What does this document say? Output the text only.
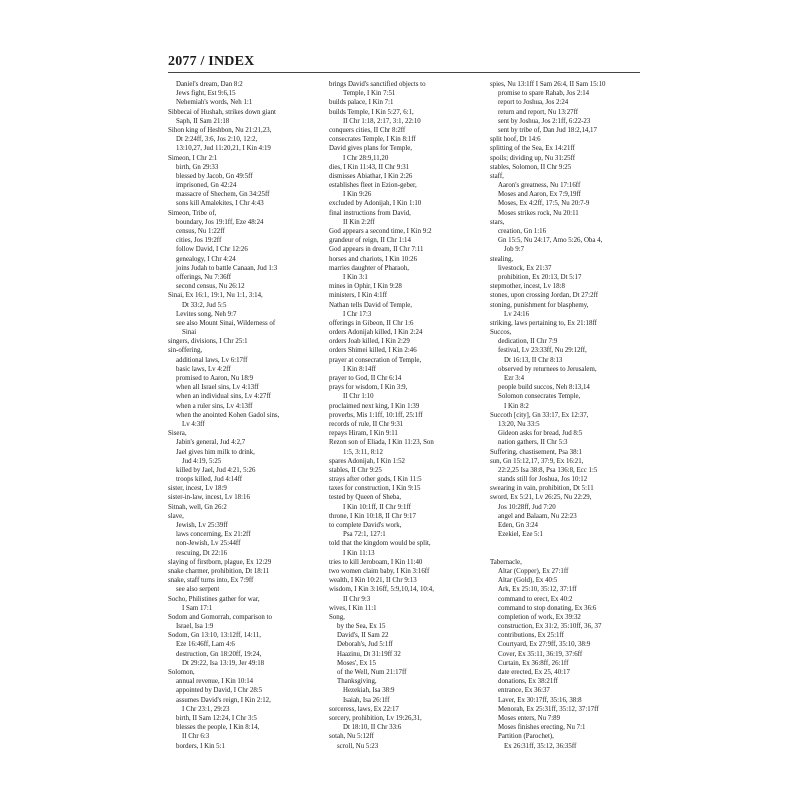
2077 / INDEX
Daniel's dream, Dan 8:2
Jews fight, Est 9:6,15
Nehemiah's words, Neh 1:1
Sibbecai of Hushah, strikes down giant
Saph, II Sam 21:18
Sihon king of Heshbon, Nu 21:21,23,
Dt 2:24ff, 3:6, Jos 2:10, 12:2,
13:10,27, Jud 11:20,21, I Kin 4:19
Simeon, I Chr 2:1
birth, Gn 29:33
blessed by Jacob, Gn 49:5ff
imprisoned, Gn 42:24
massacre of Shechem, Gn 34:25ff
sons kill Amalekites, I Chr 4:43
Simeon, Tribe of,
boundary, Jos 19:1ff, Eze 48:24
census, Nu 1:22ff
cities, Jos 19:2ff
follow David, I Chr 12:26
genealogy, I Chr 4:24
joins Judah to battle Canaan, Jud 1:3
offerings, Nu 7:36ff
second census, Nu 26:12
Sinai, Ex 16:1, 19:1, Nu 1:1, 3:14,
Dt 33:2, Jud 5:5
Levites song, Neh 9:7
see also Mount Sinai, Wilderness of
Sinai
singers, divisions, I Chr 25:1
sin-offering,
additional laws, Lv 6:17ff
basic laws, Lv 4:2ff
promised to Aaron, Nu 18:9
when all Israel sins, Lv 4:13ff
when an individual sins, Lv 4:27ff
when a ruler sins, Lv 4:13ff
when the anointed Kohen Gadol sins,
Lv 4:3ff
Sisera,
Jabin's general, Jud 4:2,7
Jael gives him milk to drink,
Jud 4:19, 5:25
killed by Jael, Jud 4:21, 5:26
troops killed, Jud 4:14ff
sister, incest, Lv 18:9
sister-in-law, incest, Lv 18:16
Sitnah, well, Gn 26:2
slave,
Jewish, Lv 25:39ff
laws concerning, Ex 21:2ff
non-Jewish, Lv 25:44ff
rescuing, Dt 22:16
slaying of firstborn, plague, Ex 12:29
snake charmer, prohibition, Dt 18:11
snake, staff turns into, Ex 7:9ff
see also serpent
Socho, Philistines gather for war,
I Sam 17:1
Sodom and Gomorrah, comparison to
Israel, Isa 1:9
Sodom, Gn 13:10, 13:12ff, 14:11,
Eze 16:46ff, Lam 4:6
destruction, Gn 18:20ff, 19:24,
Dt 29:22, Isa 13:19, Jer 49:18
Solomon,
annual revenue, I Kin 10:14
appointed by David, I Chr 28:5
assumes David's reign, I Kin 2:12,
I Chr 23:1, 29:23
birth, II Sam 12:24, I Chr 3:5
blesses the people, I Kin 8:14,
II Chr 6:3
borders, I Kin 5:1
brings David's sanctified objects to
Temple, I Kin 7:51
builds palace, I Kin 7:1
builds Temple, I Kin 5:27, 6:1,
II Chr 1:18, 2:17, 3:1, 22:10
conquers cities, II Chr 8:2ff
consecrates Temple, I Kin 8:1ff
David gives plans for Temple,
I Chr 28:9,11,20
dies, I Kin 11:43, II Chr 9:31
dismisses Abiathar, I Kin 2:26
establishes fleet in Ezion-geber,
I Kin 9:26
excluded by Adonijah, I Kin 1:10
final instructions from David,
II Kin 2:2ff
God appears a second time, I Kin 9:2
grandeur of reign, II Chr 1:14
God appears in dream, II Chr 7:11
horses and chariots, I Kin 10:26
marries daughter of Pharaoh,
I Kin 3:1
mines in Ophir, I Kin 9:28
ministers, I Kin 4:1ff
Nathan tells David of Temple,
I Chr 17:3
offerings in Gibeon, II Chr 1:6
orders Adonijah killed, I Kin 2:24
orders Joab killed, I Kin 2:29
orders Shimei killed, I Kin 2:46
prayer at consecration of Temple,
I Kin 8:14ff
prayer to God, II Chr 6:14
prays for wisdom, I Kin 3:9,
II Chr 1:10
proclaimed next king, I Kin 1:39
proverbs, Mis 1:1ff, 10:1ff, 25:1ff
records of rule, II Chr 9:31
repays Hiram, I Kin 9:11
Rezon son of Eliada, I Kin 11:23, Son
1:5, 3:11, 8:12
spares Adonijah, I Kin 1:52
stables, II Chr 9:25
strays after other gods, I Kin 11:5
taxes for construction, I Kin 9:15
tested by Queen of Sheba,
I Kin 10:1ff, II Chr 9:1ff
throne, I Kin 10:18, II Chr 9:17
to complete David's work,
Psa 72:1, 127:1
told that the kingdom would be split,
I Kin 11:13
tries to kill Jeroboam, I Kin 11:40
two women claim baby, I Kin 3:16ff
wealth, I Kin 10:21, II Chr 9:13
wisdom, I Kin 3:16ff, 5:9,10,14, 10:4,
II Chr 9:3
wives, I Kin 11:1
Song,
by the Sea, Ex 15
David's, II Sam 22
Deborah's, Jud 5:1ff
Haazinu, Dt 31:19ff 32
Moses', Ex 15
of the Well, Num 21:17ff
Thanksgiving,
Hezekiah, Isa 38:9
Isaiah, Isa 26:1ff
sorceress, laws, Ex 22:17
sorcery, prohibition, Lv 19:26,31,
Dt 18:10, II Chr 33:6
sotah, Nu 5:12ff
scroll, Nu 5:23
spies, Nu 13:1ff I Sam 26:4, II Sam 15:10
promise to spare Rahab, Jos 2:14
report to Joshua, Jos 2:24
return and report, Nu 13:27ff
sent by Joshua, Jos 2:1ff, 6:22-23
sent by tribe of, Dan Jud 18:2,14,17
split hoof, Dt 14:6
splitting of the Sea, Ex 14:21ff
spoils; dividing up, Nu 31:25ff
stables, Solomon, II Chr 9:25
staff,
Aaron's greatness, Nu 17:16ff
Moses and Aaron, Ex 7:9,19ff
Moses, Ex 4:2ff, 17:5, Nu 20:7-9
Moses strikes rock, Nu 20:11
stars,
creation, Gn 1:16
Gn 15:5, Nu 24:17, Amo 5:26, Oba 4,
Job 9:7
stealing,
livestock, Ex 21:37
prohibition, Ex 20:13, Dt 5:17
stepmother, incest, Lv 18:8
stones, upon crossing Jordan, Dt 27:2ff
stoning, punishment for blasphemy,
Lv 24:16
striking, laws pertaining to, Ex 21:18ff
Succos,
dedication, II Chr 7:9
festival, Lv 23:33ff, Nu 29:12ff,
Dt 16:13, II Chr 8:13
observed by returnees to Jerusalem,
Ezr 3:4
people build succos, Neh 8:13,14
Solomon consecrates Temple,
I Kin 8:2
Succoth [city], Gn 33:17, Ex 12:37,
13:20, Nu 33:5
Gideon asks for bread, Jud 8:5
nation gathers, II Chr 5:3
Suffering, chastisement, Psa 38:1
sun, Gn 15:12,17, 37:9, Ex 16:21,
22:2,25 Isa 38:8, Psa 136:8, Ecc 1:5
stands still for Joshua, Jos 10:12
swearing in vain, prohibition, Dt 5:11
sword, Ex 5:21, Lv 26:25, Nu 22:29,
Jos 10:28ff, Jud 7:20
angel and Balaam, Nu 22:23
Eden, Gn 3:24
Ezekiel, Eze 5:1
Tabernacle,
Altar (Copper), Ex 27:1ff
Altar (Gold), Ex 40:5
Ark, Ex 25:10, 35:12, 37:1ff
command to erect, Ex 40:2
command to stop donating, Ex 36:6
completion of work, Ex 39:32
construction, Ex 31:2, 35:10ff, 36, 37
contributions, Ex 25:1ff
Courtyard, Ex 27:9ff, 35:10, 38:9
Cover, Ex 35:11, 36:19, 37:6ff
Curtain, Ex 36:8ff, 26:1ff
date erected, Ex 25, 40:17
donations, Ex 38:21ff
entrance, Ex 36:37
Laver, Ex 30:17ff, 35:16, 38:8
Menorah, Ex 25:31ff, 35:12, 37:17ff
Moses enters, Nu 7:89
Moses finishes erecting, Nu 7:1
Partition (Parochet),
Ex 26:31ff, 35:12, 36:35ff
